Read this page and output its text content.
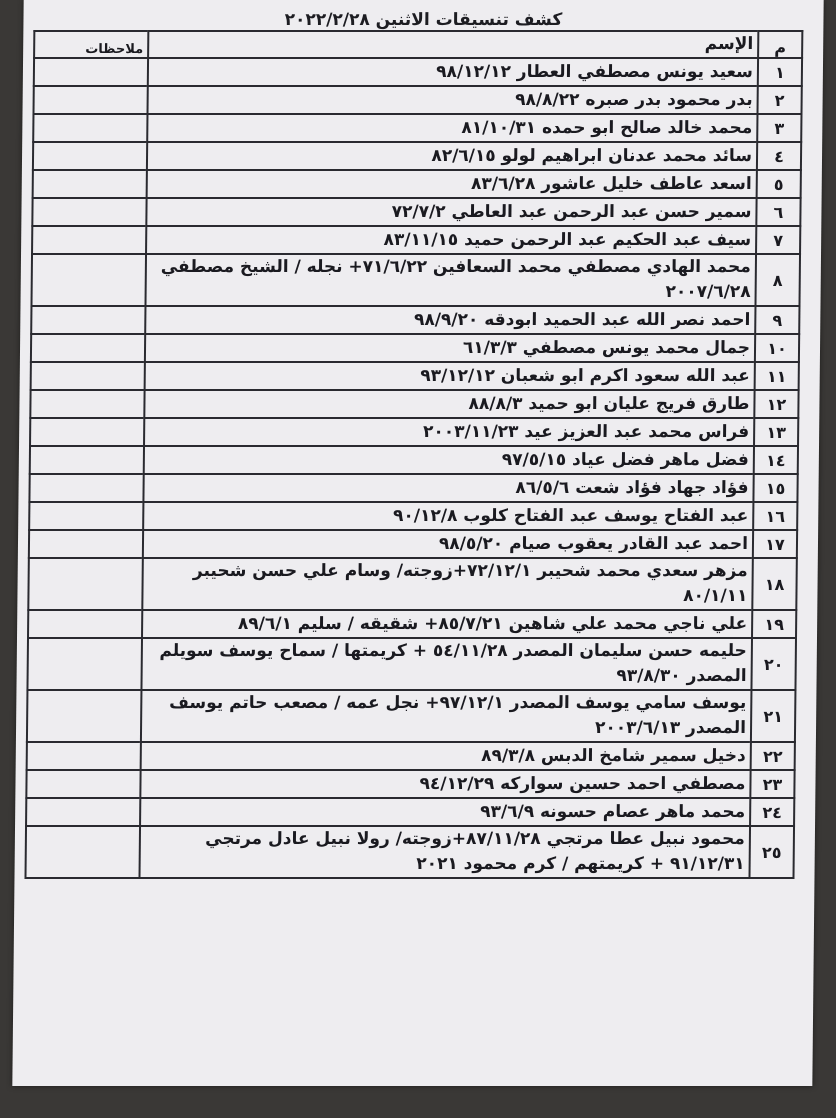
كشف تنسيقات الاثنين ٢٠٢٢/٢/٢٨
م	الإسم	ملاحظات
١	سعيد يونس مصطفي العطار ٩٨/١٢/١٢	
٢	بدر محمود بدر صبره ٩٨/٨/٢٢	
٣	محمد خالد صالح ابو حمده ٨١/١٠/٣١	
٤	سائد محمد عدنان ابراهيم لولو ٨٢/٦/١٥	
٥	اسعد عاطف خليل عاشور ٨٣/٦/٢٨	
٦	سمير حسن عبد الرحمن عبد العاطي ٧٢/٧/٢	
٧	سيف عبد الحكيم عبد الرحمن حميد ٨٣/١١/١٥	
٨	محمد الهادي مصطفي محمد السعافين ٧١/٦/٢٢+ نجله / الشيخ مصطفي ٢٠٠٧/٦/٢٨	
٩	احمد نصر الله عبد الحميد ابودقه ٩٨/٩/٢٠	
١٠	جمال محمد يونس مصطفي ٦١/٣/٣	
١١	عبد الله سعود اكرم ابو شعبان ٩٣/١٢/١٢	
١٢	طارق فريج عليان ابو حميد ٨٨/٨/٣	
١٣	فراس محمد عبد العزيز عيد ٢٠٠٣/١١/٢٣	
١٤	فضل ماهر فضل عياد ٩٧/٥/١٥	
١٥	فؤاد جهاد فؤاد شعت ٨٦/٥/٦	
١٦	عبد الفتاح يوسف عبد الفتاح كلوب ٩٠/١٢/٨	
١٧	احمد عبد القادر يعقوب صيام ٩٨/٥/٢٠	
١٨	مزهر سعدي محمد شحيبر ٧٢/١٢/١+زوجته/ وسام علي حسن شحيبر ٨٠/١/١١	
١٩	علي ناجي محمد علي شاهين ٨٥/٧/٢١+ شقيقه / سليم ٨٩/٦/١	
٢٠	حليمه حسن سليمان المصدر ٥٤/١١/٢٨ + كريمتها / سماح يوسف سويلم المصدر ٩٣/٨/٣٠	
٢١	يوسف سامي يوسف المصدر ٩٧/١٢/١+ نجل عمه / مصعب حاتم يوسف المصدر ٢٠٠٣/٦/١٣	
٢٢	دخيل سمير شامخ الدبس ٨٩/٣/٨	
٢٣	مصطفي احمد حسين سواركه ٩٤/١٢/٢٩	
٢٤	محمد ماهر عصام حسونه ٩٣/٦/٩	
٢٥	محمود نبيل عطا مرتجي ٨٧/١١/٢٨+زوجته/ رولا نبيل عادل مرتجي ٩١/١٢/٣١ + كريمتهم / كرم محمود ٢٠٢١	
